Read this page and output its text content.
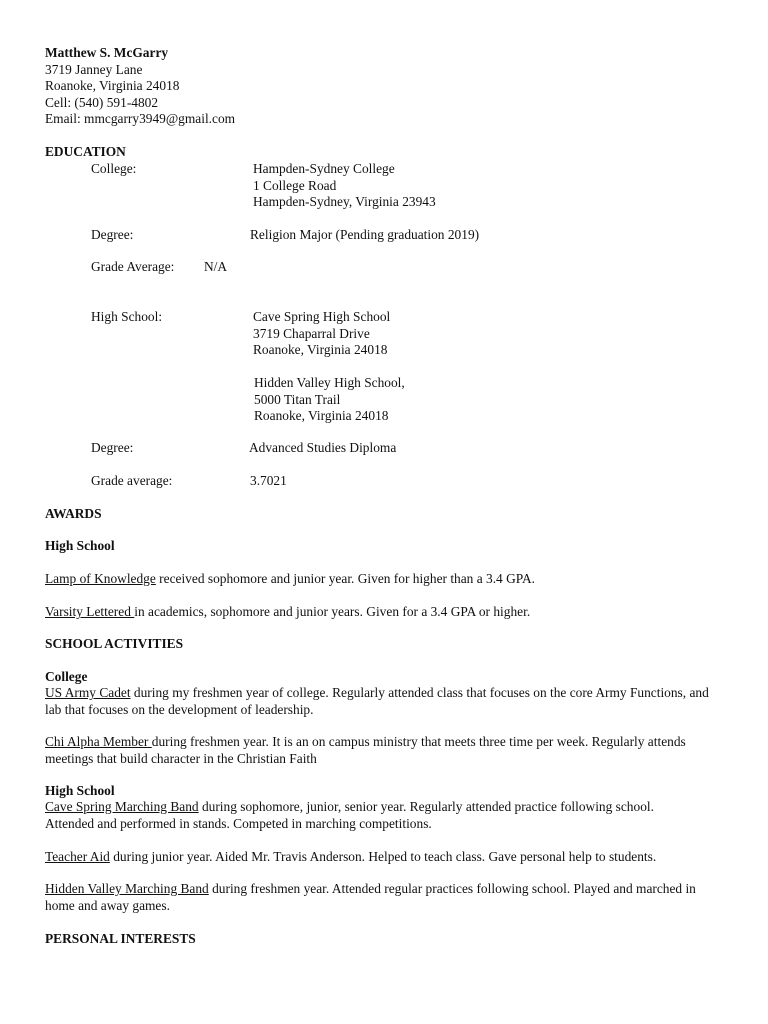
Matthew S. McGarry
3719 Janney Lane
Roanoke, Virginia 24018
Cell: (540) 591-4802
Email: mmcgarry3949@gmail.com
EDUCATION
College:	Hampden-Sydney College
1 College Road
Hampden-Sydney, Virginia 23943
Degree:	Religion Major (Pending graduation 2019)
Grade Average: N/A
High School:	Cave Spring High School
3719 Chaparral Drive
Roanoke, Virginia 24018
Hidden Valley High School,
5000 Titan Trail
Roanoke, Virginia 24018
Degree:	Advanced Studies Diploma
Grade average:	3.7021
AWARDS
High School
Lamp of Knowledge received sophomore and junior year. Given for higher than a 3.4 GPA.
Varsity Lettered in academics, sophomore and junior years. Given for a 3.4 GPA or higher.
SCHOOL ACTIVITIES
College
US Army Cadet during my freshmen year of college. Regularly attended class that focuses on the core Army Functions, and lab that focuses on the development of leadership.
Chi Alpha Member during freshmen year. It is an on campus ministry that meets three time per week. Regularly attends meetings that build character in the Christian Faith
High School
Cave Spring Marching Band during sophomore, junior, senior year. Regularly attended practice following school. Attended and performed in stands. Competed in marching competitions.
Teacher Aid during junior year. Aided Mr. Travis Anderson. Helped to teach class. Gave personal help to students.
Hidden Valley Marching Band during freshmen year. Attended regular practices following school. Played and marched in home and away games.
PERSONAL INTERESTS
